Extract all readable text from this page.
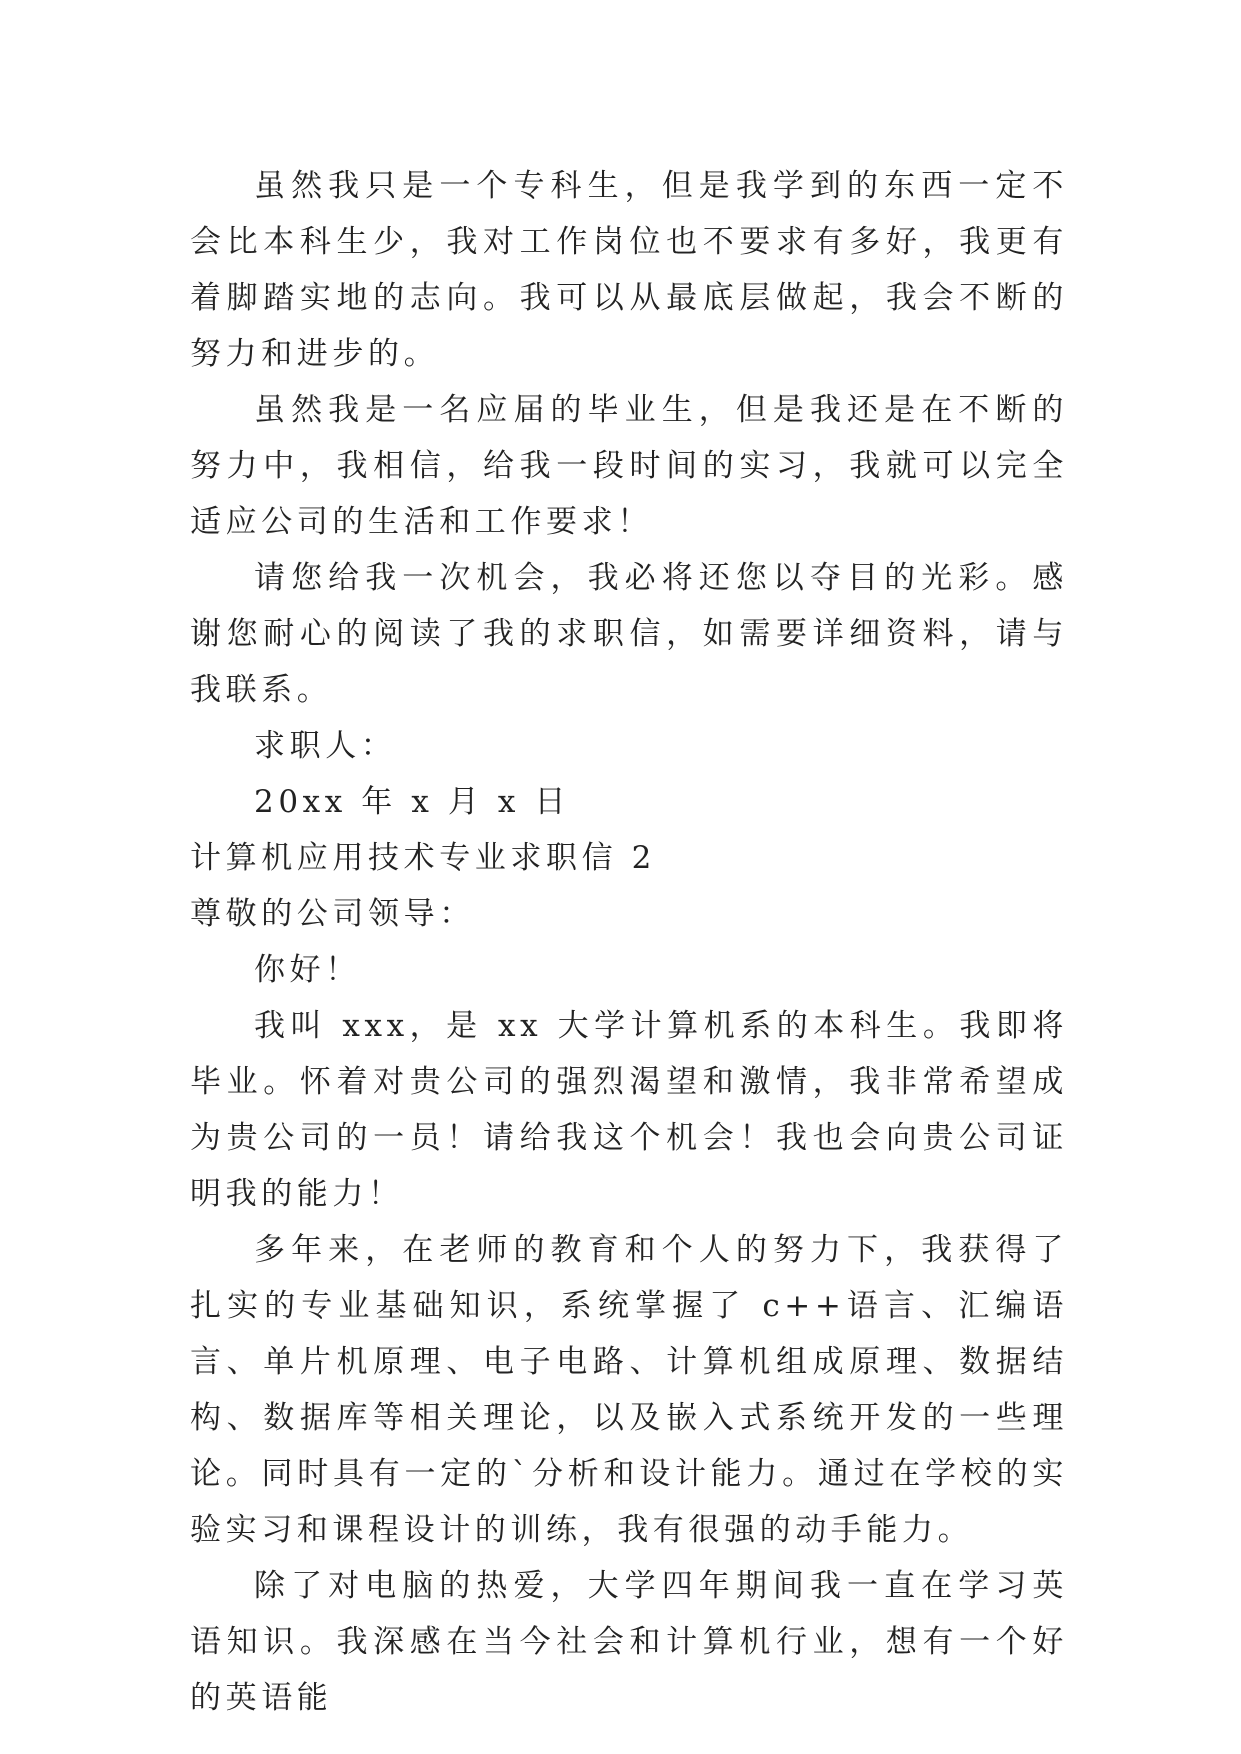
虽然我只是一个专科生，但是我学到的东西一定不会比本科生少，我对工作岗位也不要求有多好，我更有着脚踏实地的志向。我可以从最底层做起，我会不断的努力和进步的。

虽然我是一名应届的毕业生，但是我还是在不断的努力中，我相信，给我一段时间的实习，我就可以完全适应公司的生活和工作要求！

请您给我一次机会，我必将还您以夺目的光彩。感谢您耐心的阅读了我的求职信，如需要详细资料，请与我联系。

求职人：

20xx 年 x 月 x 日

计算机应用技术专业求职信 2

尊敬的公司领导：

你好！

我叫 xxx，是 xx 大学计算机系的本科生。我即将毕业。怀着对贵公司的强烈渴望和激情，我非常希望成为贵公司的一员！请给我这个机会！我也会向贵公司证明我的能力！

多年来，在老师的教育和个人的努力下，我获得了扎实的专业基础知识，系统掌握了 c++语言、汇编语言、单片机原理、电子电路、计算机组成原理、数据结构、数据库等相关理论，以及嵌入式系统开发的一些理论。同时具有一定的`分析和设计能力。通过在学校的实验实习和课程设计的训练，我有很强的动手能力。

除了对电脑的热爱，大学四年期间我一直在学习英语知识。我深感在当今社会和计算机行业，想有一个好的英语能
